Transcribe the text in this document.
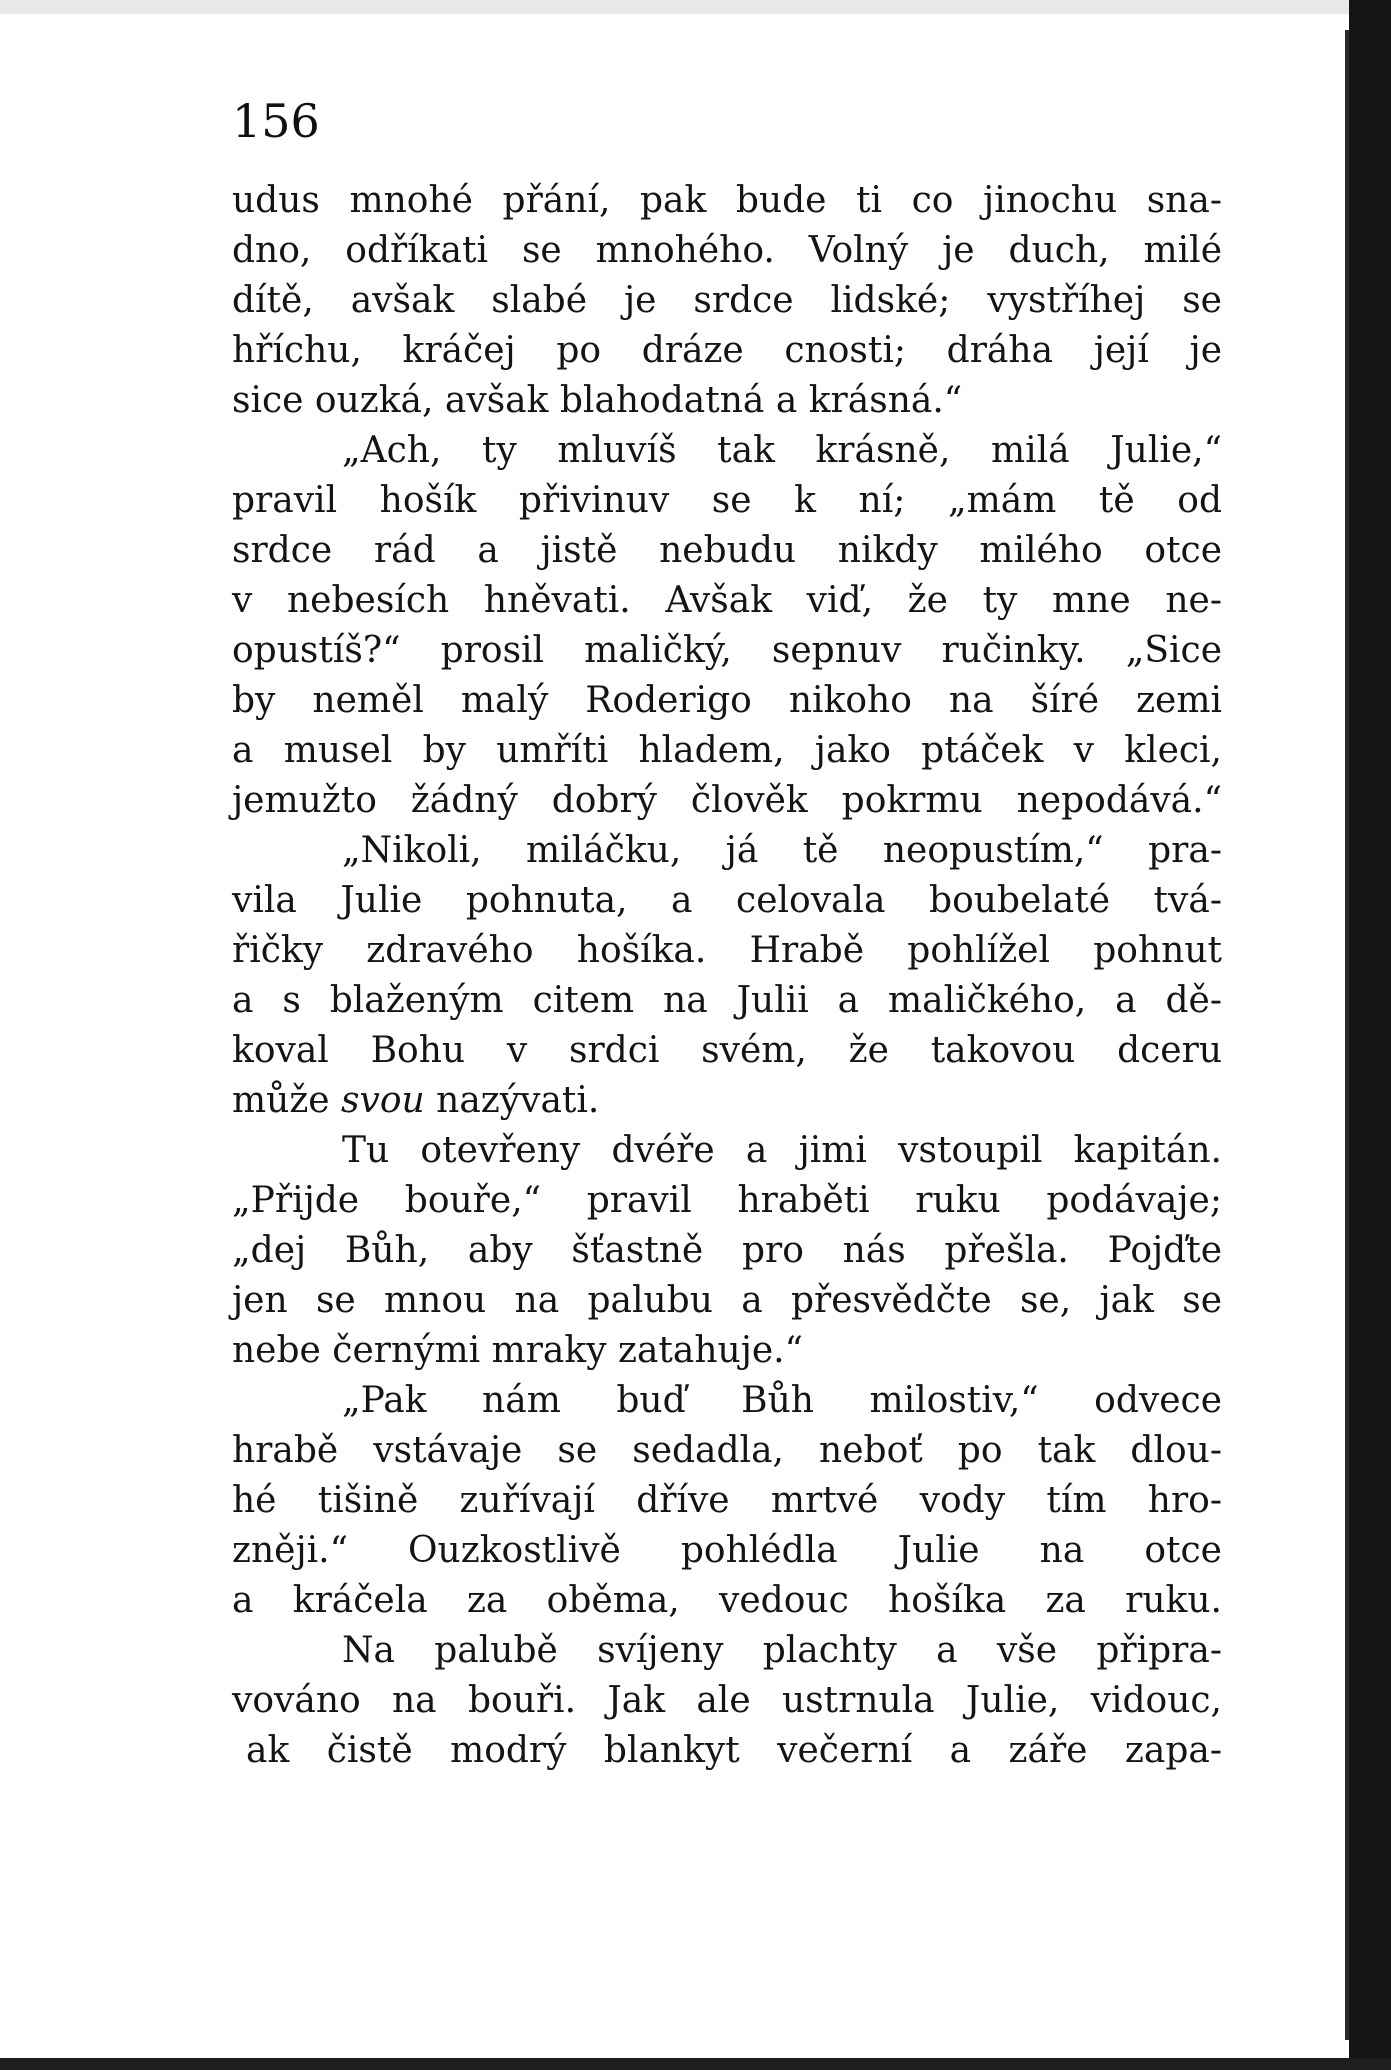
156
udus mnohé přání, pak bude ti co jinochu sna-
dno, odříkati se mnohého. Volný je duch, milé
dítě, avšak slabé je srdce lidské; vystříhej se
hříchu, kráčej po dráze cnosti; dráha její je
sice ouzká, avšak blahodatná a krásná.“
„Ach, ty mluvíš tak krásně, milá Julie,“
pravil hošík přivinuv se k ní; „mám tě od
srdce rád a jistě nebudu nikdy milého otce
v nebesích hněvati. Avšak viď, že ty mne ne-
opustíš?“ prosil maličký, sepnuv ručinky. „Sice
by neměl malý Roderigo nikoho na šíré zemi
a musel by umříti hladem, jako ptáček v kleci,
jemužto žádný dobrý člověk pokrmu nepodává.“
„Nikoli, miláčku, já tě neopustím,“ pra-
vila Julie pohnuta, a celovala boubelaté tvá-
řičky zdravého hošíka. Hrabě pohlížel pohnut
a s blaženým citem na Julii a maličkého, a dě-
koval Bohu v srdci svém, že takovou dceru
může svou nazývati.
Tu otevřeny dvéře a jimi vstoupil kapitán.
„Přijde bouře,“ pravil hraběti ruku podávaje;
„dej Bůh, aby šťastně pro nás přešla. Pojďte
jen se mnou na palubu a přesvědčte se, jak se
nebe černými mraky zatahuje.“
„Pak nám buď Bůh milostiv,“ odvece
hrabě vstávaje se sedadla, neboť po tak dlou-
hé tišině zuřívají dříve mrtvé vody tím hro-
zněji.“ Ouzkostlivě pohlédla Julie na otce
a kráčela za oběma, vedouc hošíka za ruku.
Na palubě svíjeny plachty a vše připra-
vováno na bouři. Jak ale ustrnula Julie, vidouc,
ak čistě modrý blankyt večerní a záře zapa-
